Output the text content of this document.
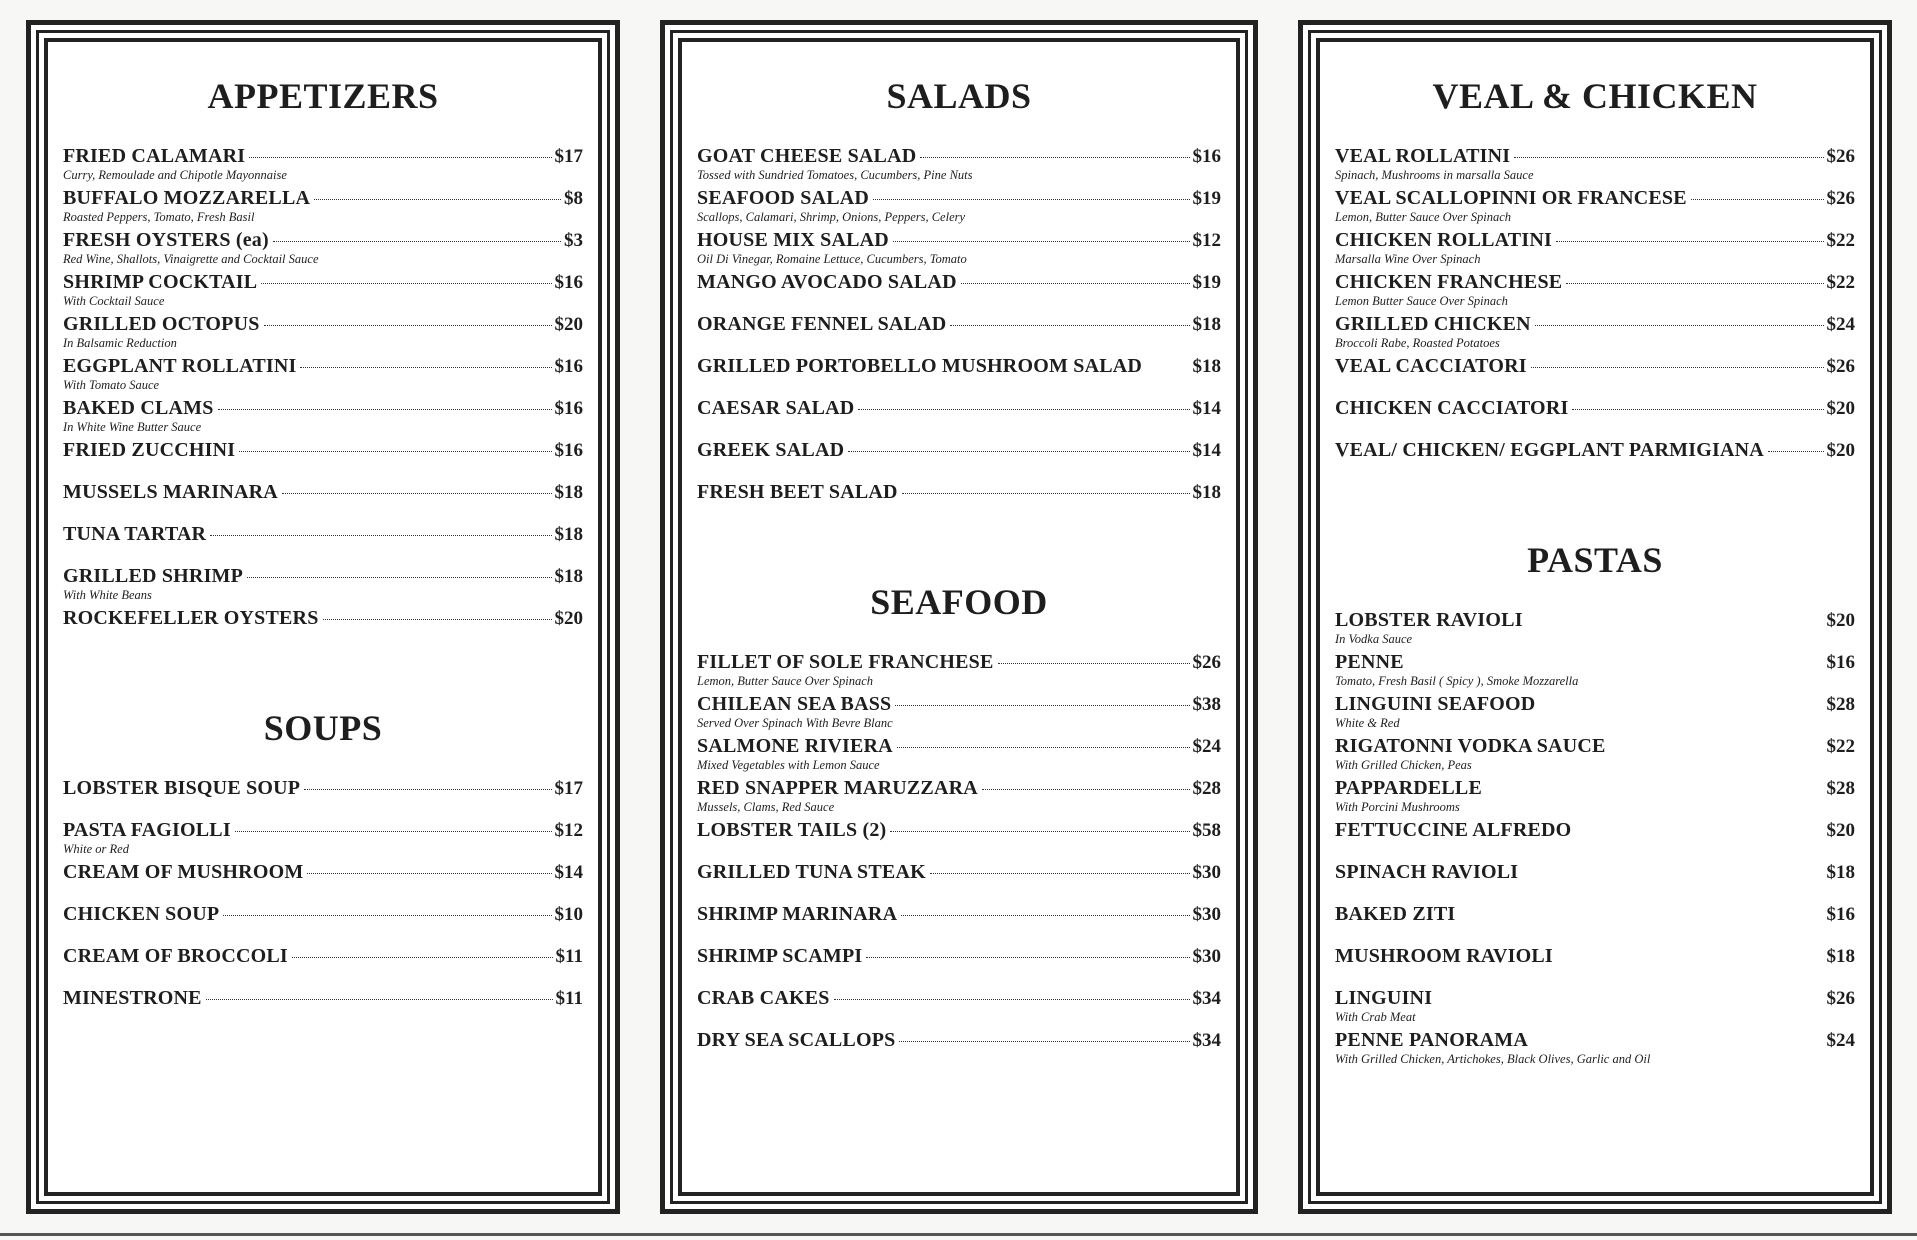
APPETIZERS
FRIED CALAMARI	$17
Curry, Remoulade and Chipotle Mayonnaise
BUFFALO MOZZARELLA	$8
Roasted Peppers, Tomato, Fresh Basil
FRESH OYSTERS (ea)	$3
Red Wine, Shallots, Vinaigrette and Cocktail Sauce
SHRIMP COCKTAIL	$16
With Cocktail Sauce
GRILLED OCTOPUS	$20
In Balsamic Reduction
EGGPLANT ROLLATINI	$16
With Tomato Sauce
BAKED CLAMS	$16
In White Wine Butter Sauce
FRIED ZUCCHINI	$16
MUSSELS MARINARA	$18
TUNA TARTAR	$18
GRILLED SHRIMP	$18
With White Beans
ROCKEFELLER OYSTERS	$20
SOUPS
LOBSTER BISQUE SOUP	$17
PASTA FAGIOLLI	$12
White or Red
CREAM OF MUSHROOM	$14
CHICKEN SOUP	$10
CREAM OF BROCCOLI	$11
MINESTRONE	$11
SALADS
GOAT CHEESE SALAD	$16
Tossed with Sundried Tomatoes, Cucumbers, Pine Nuts
SEAFOOD SALAD	$19
Scallops, Calamari, Shrimp, Onions, Peppers, Celery
HOUSE MIX SALAD	$12
Oil Di Vinegar, Romaine Lettuce, Cucumbers, Tomato
MANGO AVOCADO SALAD	$19
ORANGE FENNEL SALAD	$18
GRILLED PORTOBELLO MUSHROOM SALAD	$18
CAESAR SALAD	$14
GREEK SALAD	$14
FRESH BEET SALAD	$18
SEAFOOD
FILLET OF SOLE FRANCHESE	$26
Lemon, Butter Sauce Over Spinach
CHILEAN SEA BASS	$38
Served Over Spinach With Bevre Blanc
SALMONE RIVIERA	$24
Mixed Vegetables with Lemon Sauce
RED SNAPPER MARUZZARA	$28
Mussels, Clams, Red Sauce
LOBSTER TAILS (2)	$58
GRILLED TUNA STEAK	$30
SHRIMP MARINARA	$30
SHRIMP SCAMPI	$30
CRAB CAKES	$34
DRY SEA SCALLOPS	$34
VEAL & CHICKEN
VEAL ROLLATINI	$26
Spinach, Mushrooms in marsalla Sauce
VEAL SCALLOPINNI OR FRANCESE	$26
Lemon, Butter Sauce Over Spinach
CHICKEN ROLLATINI	$22
Marsalla Wine Over Spinach
CHICKEN FRANCHESE	$22
Lemon Butter Sauce Over Spinach
GRILLED CHICKEN	$24
Broccoli Rabe, Roasted Potatoes
VEAL CACCIATORI	$26
CHICKEN CACCIATORI	$20
VEAL/ CHICKEN/ EGGPLANT PARMIGIANA	$20
PASTAS
LOBSTER RAVIOLI	$20
In Vodka Sauce
PENNE	$16
Tomato, Fresh Basil ( Spicy ), Smoke Mozzarella
LINGUINI SEAFOOD	$28
White & Red
RIGATONNI VODKA SAUCE	$22
With Grilled Chicken, Peas
PAPPARDELLE	$28
With Porcini Mushrooms
FETTUCCINE ALFREDO	$20
SPINACH RAVIOLI	$18
BAKED ZITI	$16
MUSHROOM RAVIOLI	$18
LINGUINI	$26
With Crab Meat
PENNE PANORAMA	$24
With Grilled Chicken, Artichokes, Black Olives, Garlic and Oil
